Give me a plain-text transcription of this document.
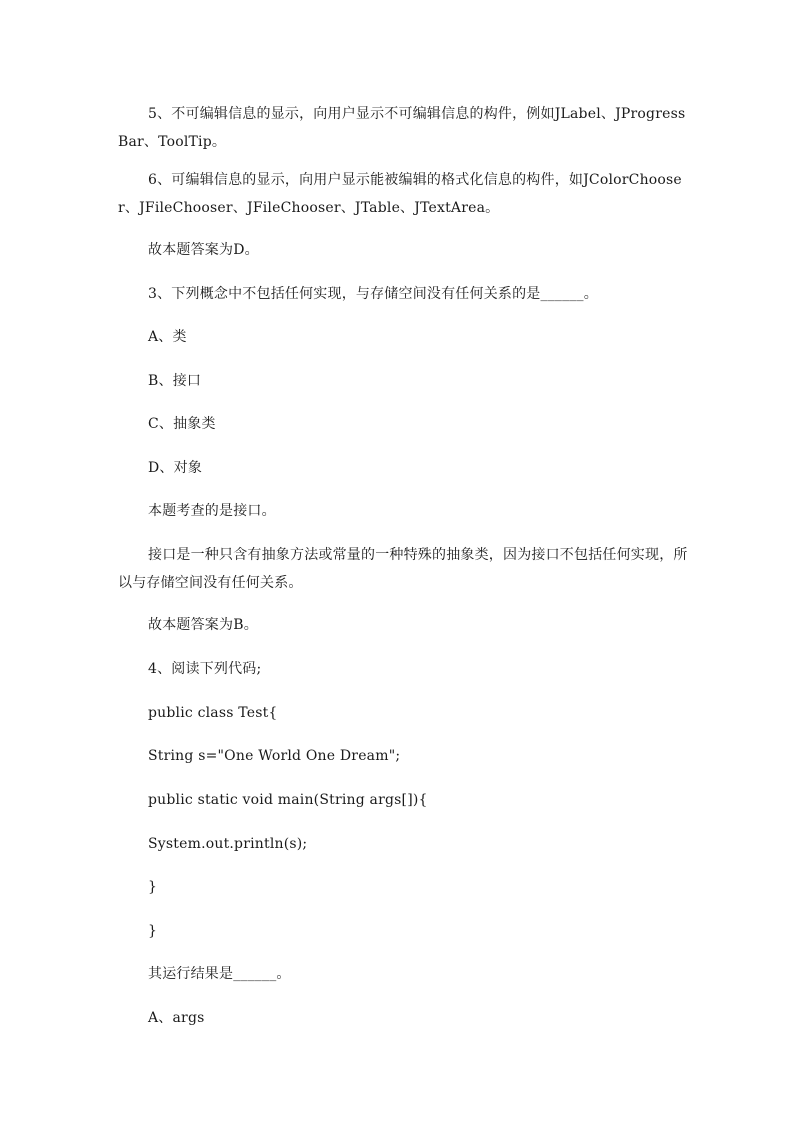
5、不可编辑信息的显示，向用户显示不可编辑信息的构件，例如JLabel、JProgressBar、ToolTip。

6、可编辑信息的显示，向用户显示能被编辑的格式化信息的构件，如JColorChooser、JFileChooser、JFileChooser、JTable、JTextArea。

故本题答案为D。

3、下列概念中不包括任何实现，与存储空间没有任何关系的是______。

A、类

B、接口

C、抽象类

D、对象

本题考查的是接口。

接口是一种只含有抽象方法或常量的一种特殊的抽象类，因为接口不包括任何实现，所以与存储空间没有任何关系。

故本题答案为B。

4、阅读下列代码;

public class Test{

String s="One World One Dream";

public static void main(String args[]){

System.out.println(s);

}

}

其运行结果是______。

A、args
